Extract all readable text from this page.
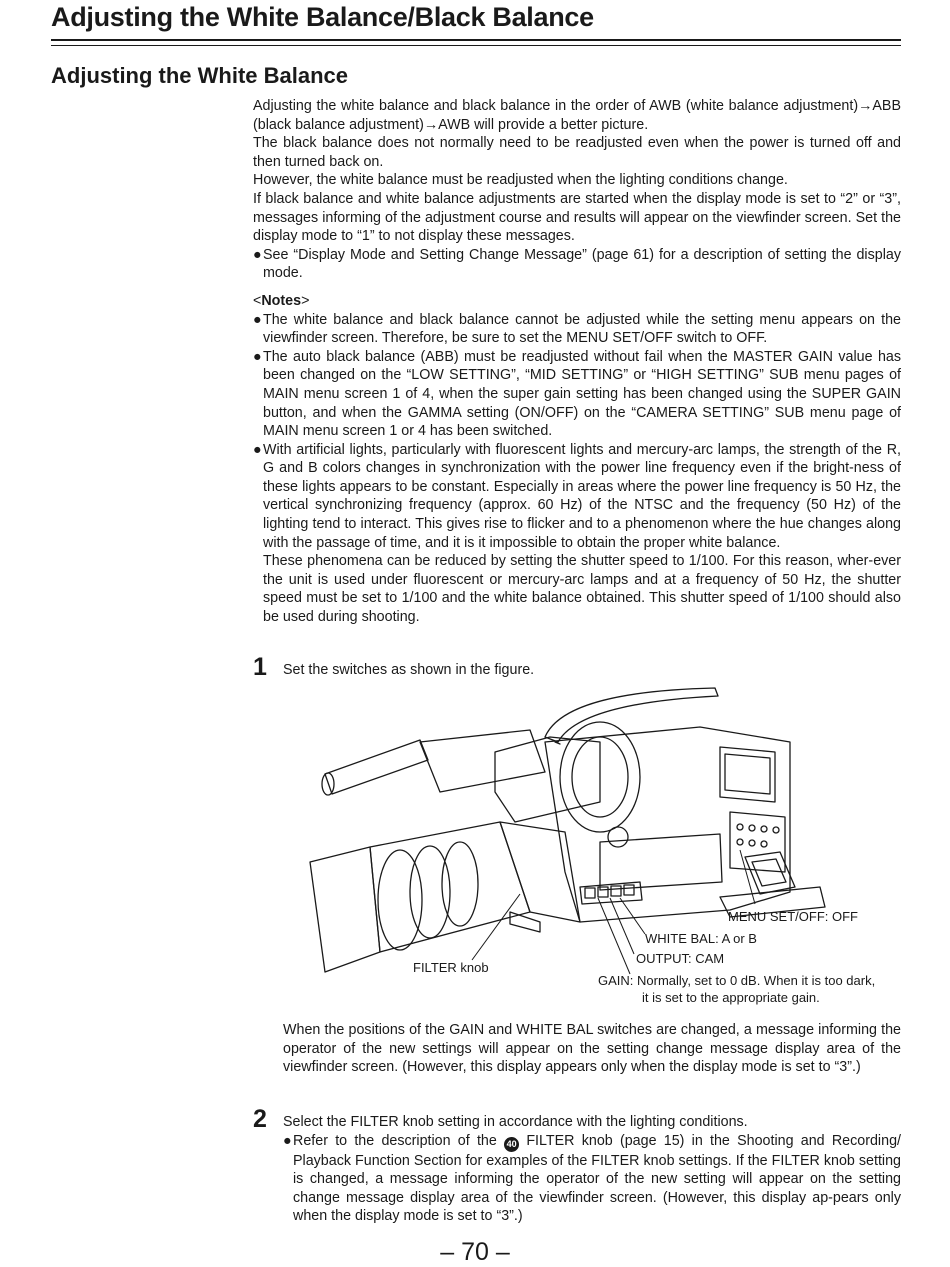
Adjusting the White Balance/Black Balance
Adjusting the White Balance

Adjusting the white balance and black balance in the order of AWB (white balance adjustment)→ABB (black balance adjustment)→AWB will provide a better picture.

The black balance does not normally need to be readjusted even when the power is turned off and then turned back on.

However, the white balance must be readjusted when the lighting conditions change.

If black balance and white balance adjustments are started when the display mode is set to “2” or “3”, messages informing of the adjustment course and results will appear on the viewfinder screen. Set the display mode to “1” to not display these messages.

● See “Display Mode and Setting Change Message” (page 61) for a description of setting the display mode.

<Notes>

● The white balance and black balance cannot be adjusted while the setting menu appears on the viewfinder screen. Therefore, be sure to set the MENU SET/OFF switch to OFF.

● The auto black balance (ABB) must be readjusted without fail when the MASTER GAIN value has been changed on the “LOW SETTING”, “MID SETTING” or “HIGH SETTING” SUB menu pages of MAIN menu screen 1 of 4, when the super gain setting has been changed using the SUPER GAIN button, and when the GAMMA setting (ON/OFF) on the “CAMERA SETTING” SUB menu page of MAIN menu screen 1 or 4 has been switched.

● With artificial lights, particularly with fluorescent lights and mercury-arc lamps, the strength of the R, G and B colors changes in synchronization with the power line frequency even if the bright-ness of these lights appears to be constant. Especially in areas where the power line frequency is 50 Hz, the vertical synchronizing frequency (approx. 60 Hz) of the NTSC and the frequency (50 Hz) of the lighting tend to interact. This gives rise to flicker and to a phenomenon where the hue changes along with the passage of time, and it is it impossible to obtain the proper white balance.

These phenomena can be reduced by setting the shutter speed to 1/100. For this reason, wher-ever the unit is used under fluorescent or mercury-arc lamps and at a frequency of 50 Hz, the shutter speed must be set to 1/100 and the white balance obtained. This shutter speed of 1/100 should also be used during shooting.

1 Set the switches as shown in the figure.
MENU SET/OFF: OFF
WHITE BAL: A or B
OUTPUT: CAM
FILTER knob
GAIN: Normally, set to 0 dB. When it is too dark,
it is set to the appropriate gain.

When the positions of the GAIN and WHITE BAL switches are changed, a message informing the operator of the new settings will appear on the setting change message display area of the viewfinder screen. (However, this display appears only when the display mode is set to “3”.)

2 Select the FILTER knob setting in accordance with the lighting conditions.
● Refer to the description of the 40 FILTER knob (page 15) in the Shooting and Recording/ Playback Function Section for examples of the FILTER knob settings. If the FILTER knob setting is changed, a message informing the operator of the new setting will appear on the setting change message display area of the viewfinder screen. (However, this display ap-pears only when the display mode is set to “3”.)
– 70 –
